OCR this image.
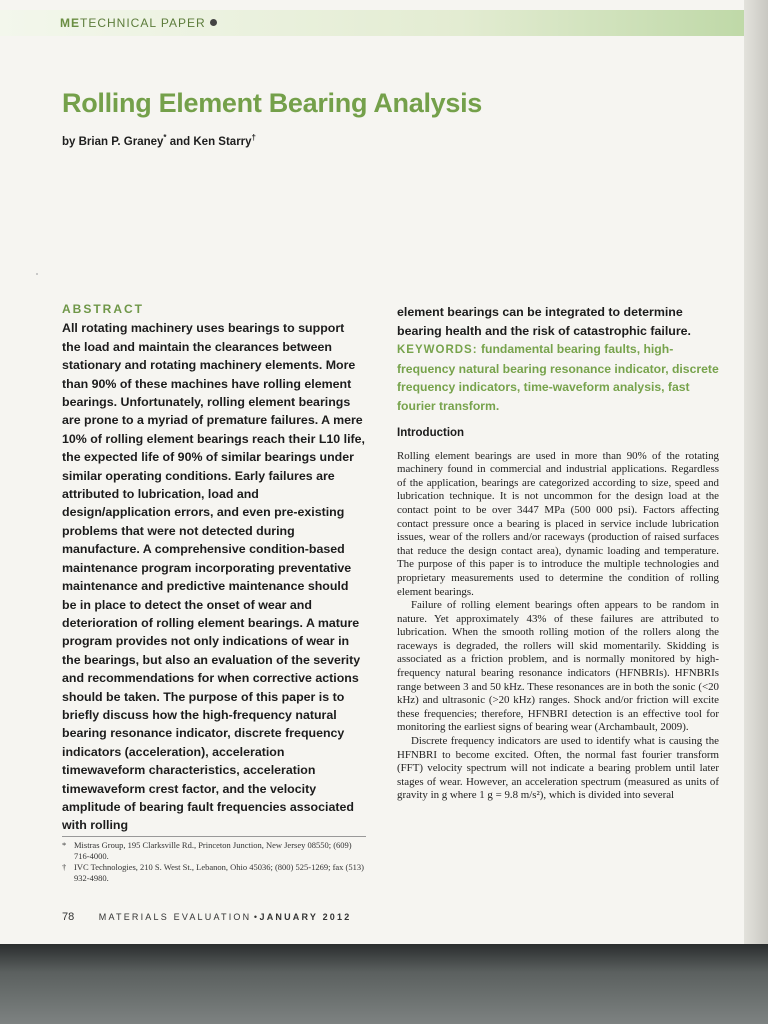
METECHNICAL PAPER
Rolling Element Bearing Analysis
by Brian P. Graney* and Ken Starry†
ABSTRACT
All rotating machinery uses bearings to support the load and maintain the clearances between stationary and rotating machinery elements. More than 90% of these machines have rolling element bearings. Unfortunately, rolling element bearings are prone to a myriad of premature failures. A mere 10% of rolling element bearings reach their L10 life, the expected life of 90% of similar bearings under similar operating conditions. Early failures are attributed to lubrication, load and design/application errors, and even pre-existing problems that were not detected during manufacture. A comprehensive condition-based maintenance program incorporating preventative maintenance and predictive maintenance should be in place to detect the onset of wear and deterioration of rolling element bearings. A mature program provides not only indications of wear in the bearings, but also an evaluation of the severity and recommendations for when corrective actions should be taken. The purpose of this paper is to briefly discuss how the high-frequency natural bearing resonance indicator, discrete frequency indicators (acceleration), acceleration timewaveform characteristics, acceleration timewaveform crest factor, and the velocity amplitude of bearing fault frequencies associated with rolling
element bearings can be integrated to determine bearing health and the risk of catastrophic failure.
KEYWORDS: fundamental bearing faults, high-frequency natural bearing resonance indicator, discrete frequency indicators, time-waveform analysis, fast fourier transform.
Introduction

Rolling element bearings are used in more than 90% of the rotating machinery found in commercial and industrial applications. Regardless of the application, bearings are categorized according to size, speed and lubrication technique. It is not uncommon for the design load at the contact point to be over 3447 MPa (500 000 psi). Factors affecting contact pressure once a bearing is placed in service include lubrication issues, wear of the rollers and/or raceways (production of raised surfaces that reduce the design contact area), dynamic loading and temperature. The purpose of this paper is to introduce the multiple technologies and proprietary measurements used to determine the condition of rolling element bearings.

Failure of rolling element bearings often appears to be random in nature. Yet approximately 43% of these failures are attributed to lubrication. When the smooth rolling motion of the rollers along the raceways is degraded, the rollers will skid momentarily. Skidding is associated as a friction problem, and is normally monitored by high-frequency natural bearing resonance indicators (HFNBRIs). HFNBRIs range between 3 and 50 kHz. These resonances are in both the sonic (<20 kHz) and ultrasonic (>20 kHz) ranges. Shock and/or friction will excite these frequencies; therefore, HFNBRI detection is an effective tool for monitoring the earliest signs of bearing wear (Archambault, 2009).

Discrete frequency indicators are used to identify what is causing the HFNBRI to become excited. Often, the normal fast fourier transform (FFT) velocity spectrum will not indicate a bearing problem until later stages of wear. However, an acceleration spectrum (measured as units of gravity in g where 1 g = 9.8 m/s²), which is divided into several

* Mistras Group, 195 Clarksville Rd., Princeton Junction, New Jersey 08550; (609) 716-4000.
† IVC Technologies, 210 S. West St., Lebanon, Ohio 45036; (800) 525-1269; fax (513) 932-4980.
78	MATERIALS EVALUATION • JANUARY 2012
